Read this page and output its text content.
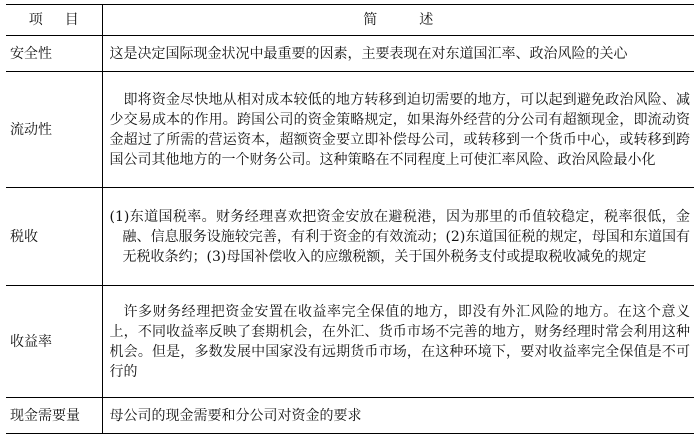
项 目	简 述
安全性	这是决定国际现金状况中最重要的因素，主要表现在对东道国汇率、政治风险的关心
流动性	即将资金尽快地从相对成本较低的地方转移到迫切需要的地方，可以起到避免政治风险、减少交易成本的作用。跨国公司的资金策略规定，如果海外经营的分公司有超额现金，即流动资金超过了所需的营运资本，超额资金要立即补偿母公司，或转移到一个货币中心，或转移到跨国公司其他地方的一个财务公司。这种策略在不同程度上可使汇率风险、政治风险最小化
税收	(1)东道国税率。财务经理喜欢把资金安放在避税港，因为那里的币值较稳定，税率很低，金融、信息服务设施较完善，有利于资金的有效流动；(2)东道国征税的规定，母国和东道国有无税收条约；(3)母国补偿收入的应缴税额，关于国外税务支付或提取税收减免的规定
收益率	许多财务经理把资金安置在收益率完全保值的地方，即没有外汇风险的地方。在这个意义上，不同收益率反映了套期机会，在外汇、货币市场不完善的地方，财务经理时常会利用这种机会。但是，多数发展中国家没有远期货币市场，在这种环境下，要对收益率完全保值是不可行的
现金需要量	母公司的现金需要和分公司对资金的要求
